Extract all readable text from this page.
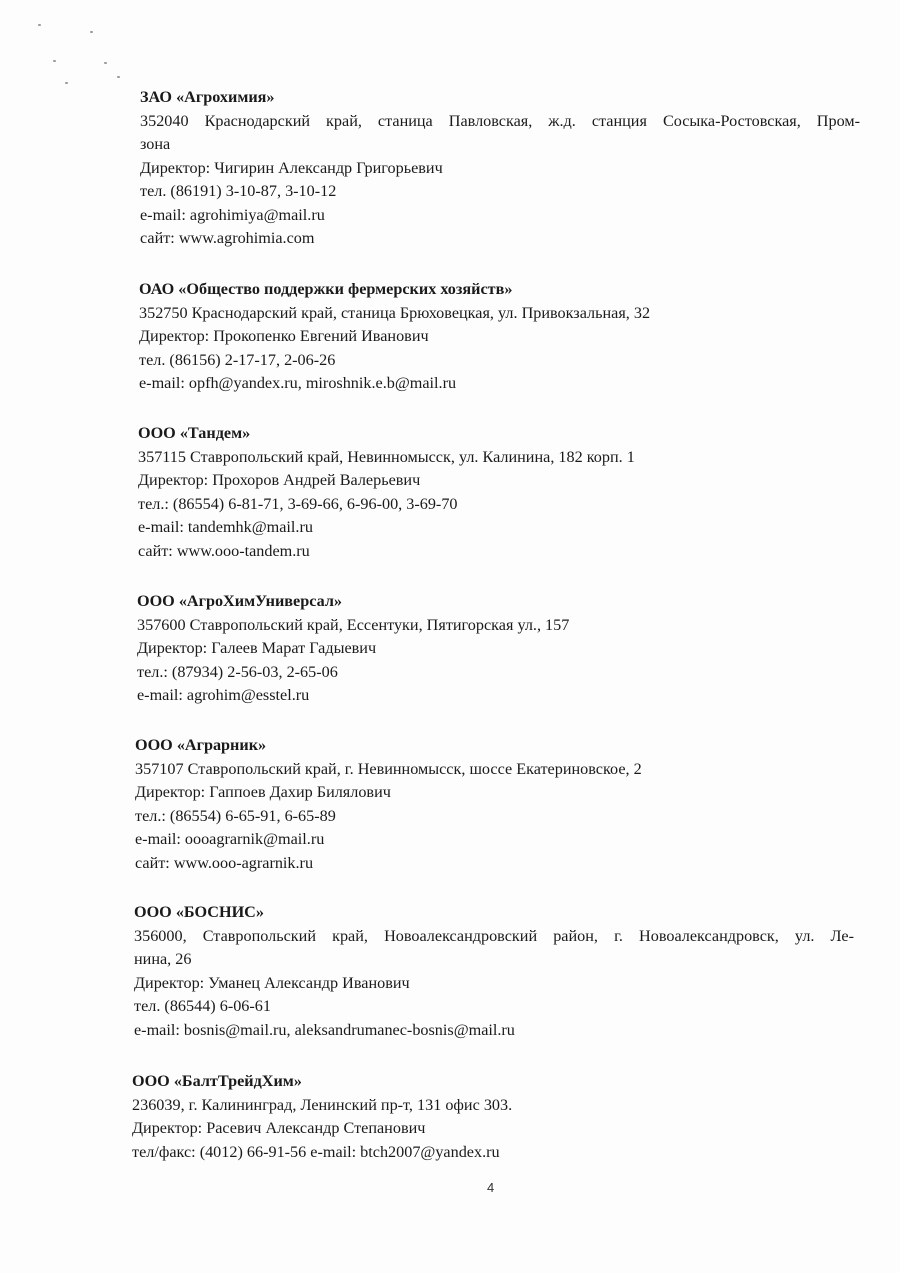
ЗАО «Агрохимия»
352040 Краснодарский край, станица Павловская, ж.д. станция Сосыка-Ростовская, Пром-
зона
Директор: Чигирин Александр Григорьевич
тел. (86191) 3-10-87, 3-10-12
e-mail: agrohimiya@mail.ru
сайт: www.agrohimia.com
ОАО «Общество поддержки фермерских хозяйств»
352750 Краснодарский край, станица Брюховецкая, ул. Привокзальная, 32
Директор: Прокопенко Евгений Иванович
тел. (86156) 2-17-17, 2-06-26
e-mail: opfh@yandex.ru, miroshnik.e.b@mail.ru
ООО «Тандем»
357115 Ставропольский край, Невинномысск, ул. Калинина, 182 корп. 1
Директор: Прохоров Андрей Валерьевич
тел.: (86554) 6-81-71, 3-69-66, 6-96-00, 3-69-70
e-mail: tandemhk@mail.ru
сайт: www.ooo-tandem.ru
ООО «АгроХимУниверсал»
357600 Ставропольский край, Ессентуки, Пятигорская ул., 157
Директор: Галеев Марат Гадыевич
тел.: (87934) 2-56-03, 2-65-06
e-mail: agrohim@esstel.ru
ООО «Аграрник»
357107 Ставропольский край, г. Невинномысск, шоссе Екатериновское, 2
Директор: Гаппоев Дахир Билялович
тел.: (86554) 6-65-91, 6-65-89
e-mail: oooagrarnik@mail.ru
сайт: www.ooo-agrarnik.ru
ООО «БОСНИС»
356000, Ставропольский край, Новоалександровский район, г. Новоалександровск, ул. Ле-
нина, 26
Директор: Уманец Александр Иванович
тел. (86544) 6-06-61
e-mail: bosnis@mail.ru, aleksandrumanec-bosnis@mail.ru
ООО «БалтТрейдХим»
236039, г. Калининград, Ленинский пр-т, 131 офис 303.
Директор: Расевич Александр Степанович
тел/факс: (4012) 66-91-56 e-mail: btch2007@yandex.ru
4
